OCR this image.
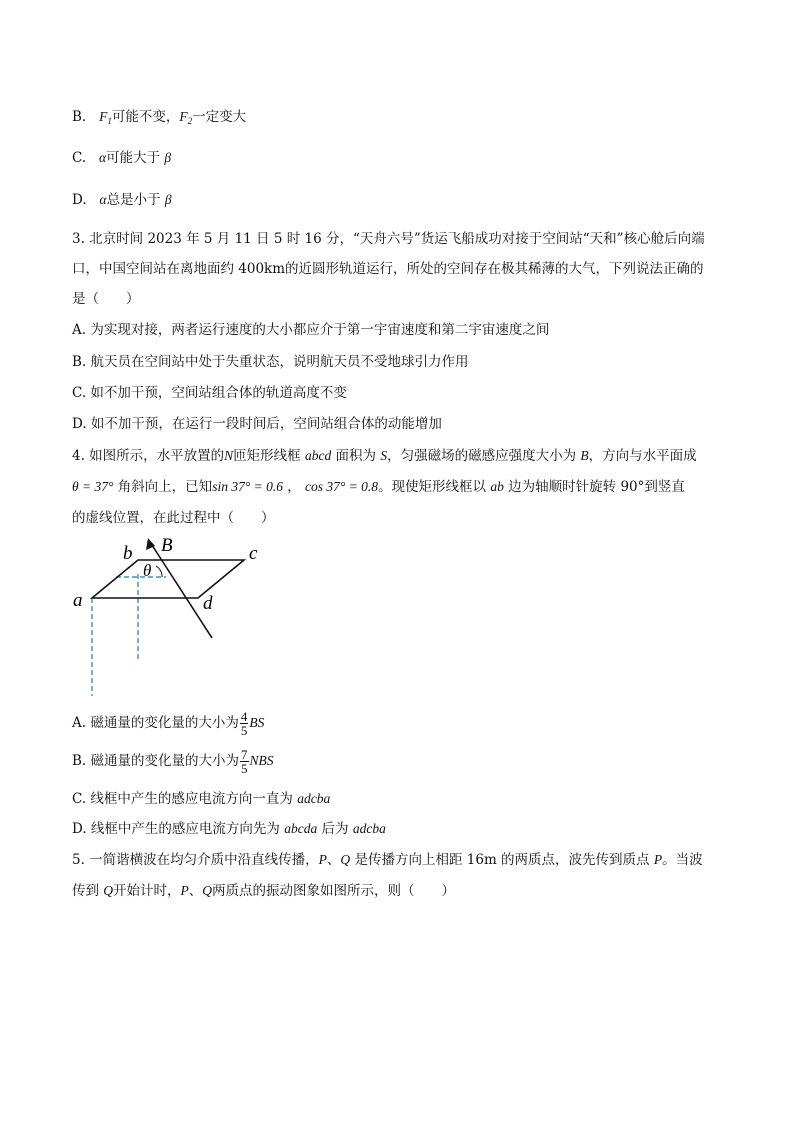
B. $F_1$可能不变，$F_2$一定变大
C. α可能大于 β
D. α总是小于 β
3. 北京时间 2023 年 5 月 11 日 5 时 16 分，“天舟六号”货运飞船成功对接于空间站“天和”核心舱后向端
口，中国空间站在离地面约 400km的近圆形轨道运行，所处的空间存在极其稀薄的大气，下列说法正确的
是（　　）
A. 为实现对接，两者运行速度的大小都应介于第一宇宙速度和第二宇宙速度之间
B. 航天员在空间站中处于失重状态，说明航天员不受地球引力作用
C. 如不加干预，空间站组合体的轨道高度不变
D. 如不加干预，在运行一段时间后，空间站组合体的动能增加
4. 如图所示，水平放置的N匝矩形线框 abcd 面积为 S，匀强磁场的磁感应强度大小为 B，方向与水平面成
θ = 37° 角斜向上，已知sin 37° = 0.6 ， cos 37° = 0.8。现使矩形线框以 ab 边为轴顺时针旋转 90°到竖直
的虚线位置，在此过程中（　　）
b B	c
a	d
θ
A. 磁通量的变化量的大小为 $\frac{4}{5}$ BS
B. 磁通量的变化量的大小为 $\frac{7}{5}$ NBS
C. 线框中产生的感应电流方向一直为 adcba
D. 线框中产生的感应电流方向先为 abcda 后为 adcba
5. 一简谐横波在均匀介质中沿直线传播，P、Q 是传播方向上相距 16m 的两质点，波先传到质点 P。当波
传到 Q开始计时，P、Q两质点的振动图象如图所示，则（　　）
